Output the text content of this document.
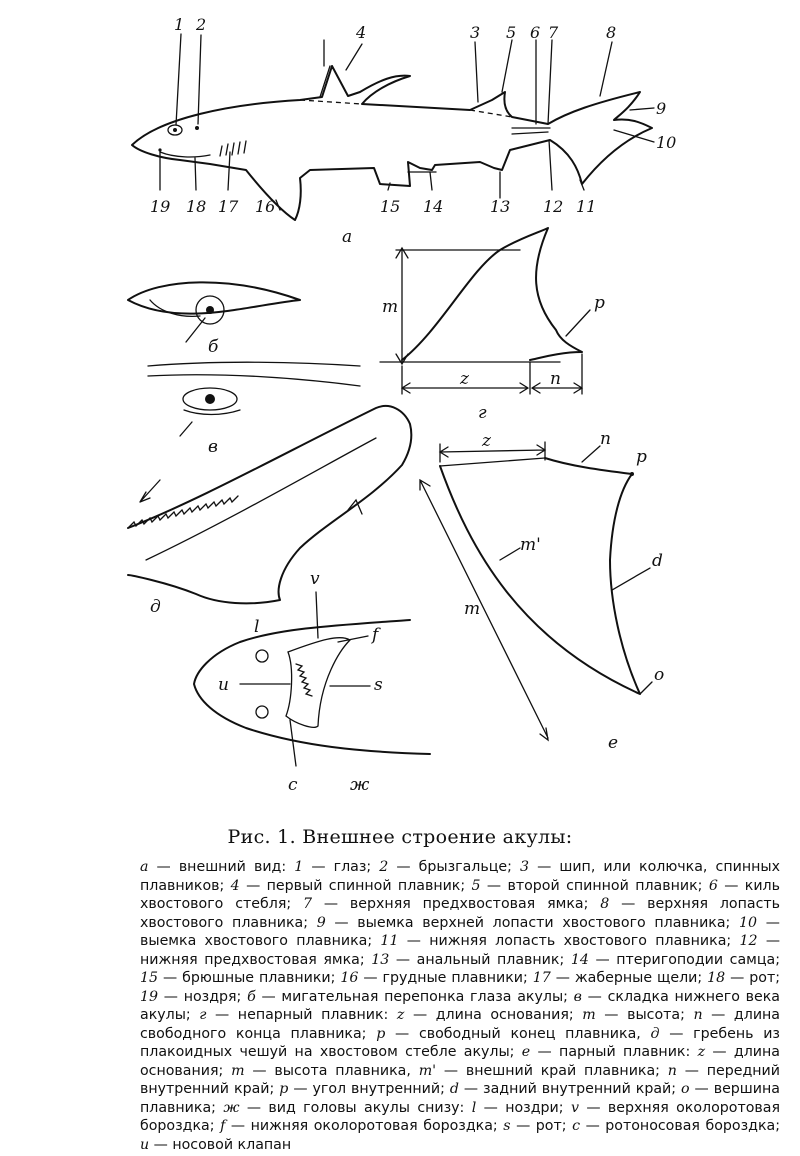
1 2	3
4	5 6 7	8
9
10
11
12
13
14
15
16
17
18
19
а
б
в
m
z	n
p
г
д
z	n
p
m'
m
d
o
е
l
v
f
u	s
c	ж
Рис. 1. Внешнее строение акулы:
а — внешний вид: 1 — глаз; 2 — брызгальце; 3 — шип, или колючка, спинных плавников; 4 — первый спинной плавник; 5 — второй спинной плавник; 6 — киль хвостового стебля; 7 — верхняя предхвостовая ямка; 8 — верхняя лопасть хвостового плавника; 9 — выемка верхней лопасти хвостового плавника; 10 — выемка хвостового плавника; 11 — нижняя лопасть хвостового плавника; 12 — нижняя предхвостовая ямка; 13 — анальный плавник; 14 — птеригоподии самца; 15 — брюшные плавники; 16 — грудные плавники; 17 — жаберные щели; 18 — рот; 19 — ноздря; б — мигательная перепонка глаза акулы; в — складка нижнего века акулы; г — непарный плавник: z — длина основания; m — высота; n — длина свободного конца плавника; p — свободный конец плавника, д — гребень из плакоидных чешуй на хвостовом стебле акулы; е — парный плавник: z — длина основания; m — высота плавника, m' — внешний край плавника; n — передний внутренний край; p — угол внутренний; d — задний внутренний край; o — вершина плавника; ж — вид головы акулы снизу: l — ноздри; v — верхняя околоротовая бороздка; f — нижняя околоротовая бороздка; s — рот; c — ротоносовая бороздка; u — носовой клапан
